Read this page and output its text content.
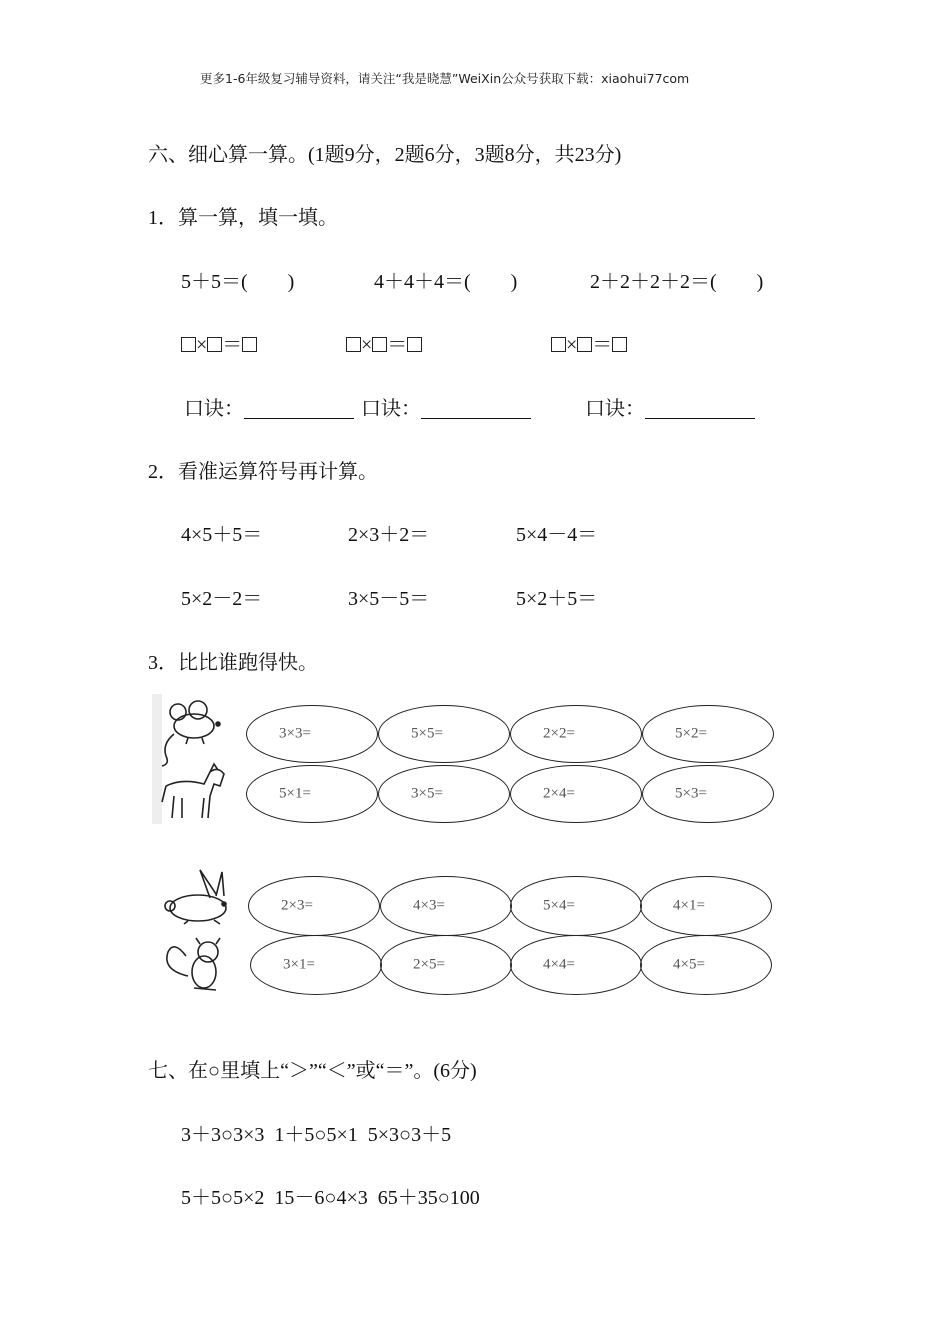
更多1-6年级复习辅导资料，请关注“我是晓慧”WeiXin公众号获取下载：xiaohui77com
六、细心算一算。(1题9分，2题6分，3题8分，共23分)
1．算一算，填一填。
5＋5＝(　　)	4＋4＋4＝(　　)	2＋2＋2＋2＝(　　)
× ＝	× ＝	× ＝
口诀：	口诀：	口诀：
2．看准运算符号再计算。
4×5＋5＝	2×3＋2＝	5×4－4＝
5×2－2＝	3×5－5＝	5×2＋5＝
3．比比谁跑得快。
3×3=	5×5=	2×2=	5×2=
5×1=	3×5=	2×4=	5×3=
2×3=	4×3=	5×4=	4×1=
3×1=	2×5=	4×4=	4×5=
七、在○里填上“＞”“＜”或“＝”。(6分)
3＋3○3×3  1＋5○5×1  5×3○3＋5
5＋5○5×2  15－6○4×3  65＋35○100
